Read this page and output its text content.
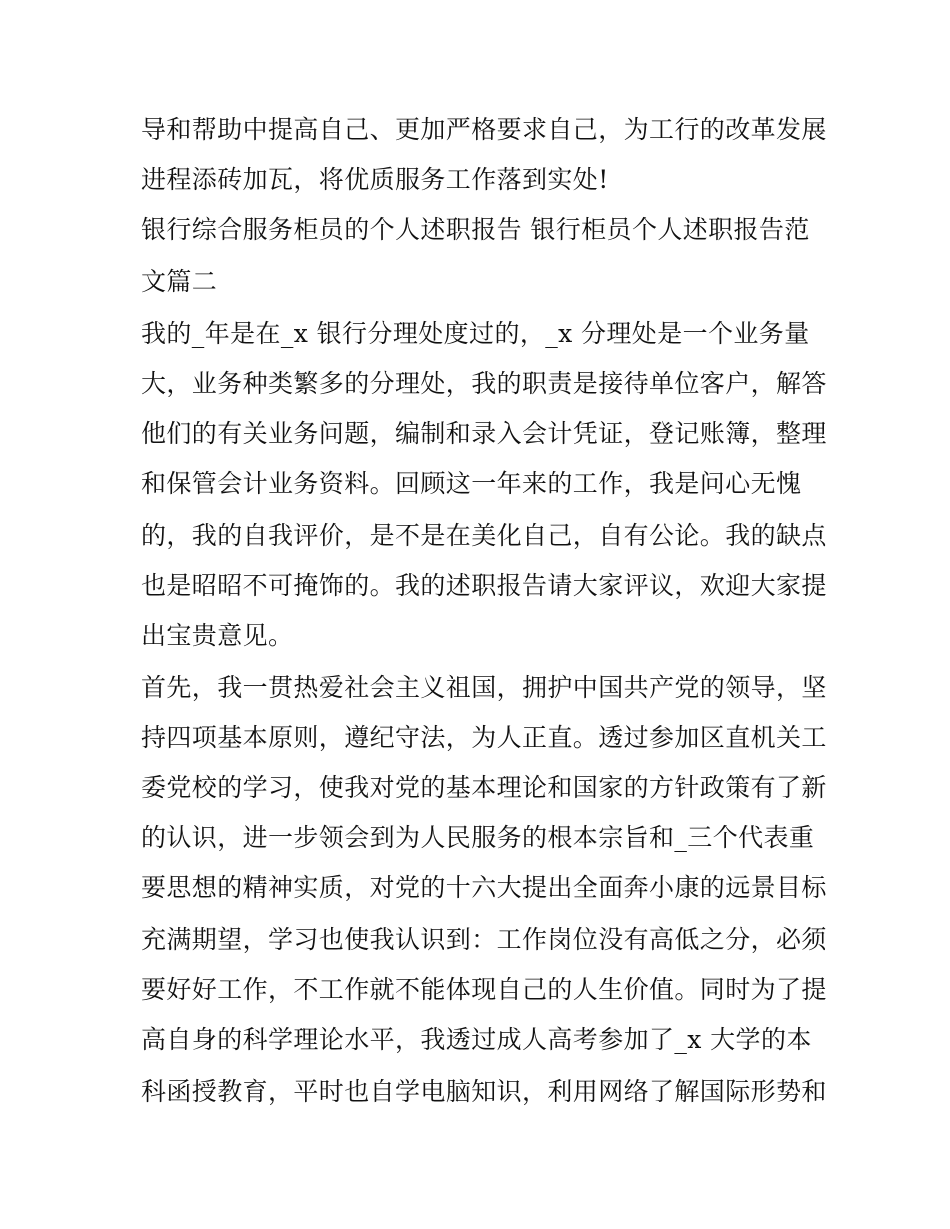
导和帮助中提高自己、更加严格要求自己，为工行的改革发展
进程添砖加瓦，将优质服务工作落到实处!
银行综合服务柜员的个人述职报告 银行柜员个人述职报告范
文篇二
我的_年是在_x 银行分理处度过的，_x 分理处是一个业务量
大，业务种类繁多的分理处，我的职责是接待单位客户，解答
他们的有关业务问题，编制和录入会计凭证，登记账簿，整理
和保管会计业务资料。回顾这一年来的工作，我是问心无愧
的，我的自我评价，是不是在美化自己，自有公论。我的缺点
也是昭昭不可掩饰的。我的述职报告请大家评议，欢迎大家提
出宝贵意见。
首先，我一贯热爱社会主义祖国，拥护中国共产党的领导，坚
持四项基本原则，遵纪守法，为人正直。透过参加区直机关工
委党校的学习，使我对党的基本理论和国家的方针政策有了新
的认识，进一步领会到为人民服务的根本宗旨和_三个代表重
要思想的精神实质，对党的十六大提出全面奔小康的远景目标
充满期望，学习也使我认识到：工作岗位没有高低之分，必须
要好好工作，不工作就不能体现自己的人生价值。同时为了提
高自身的科学理论水平，我透过成人高考参加了_x 大学的本
科函授教育，平时也自学电脑知识，利用网络了解国际形势和
